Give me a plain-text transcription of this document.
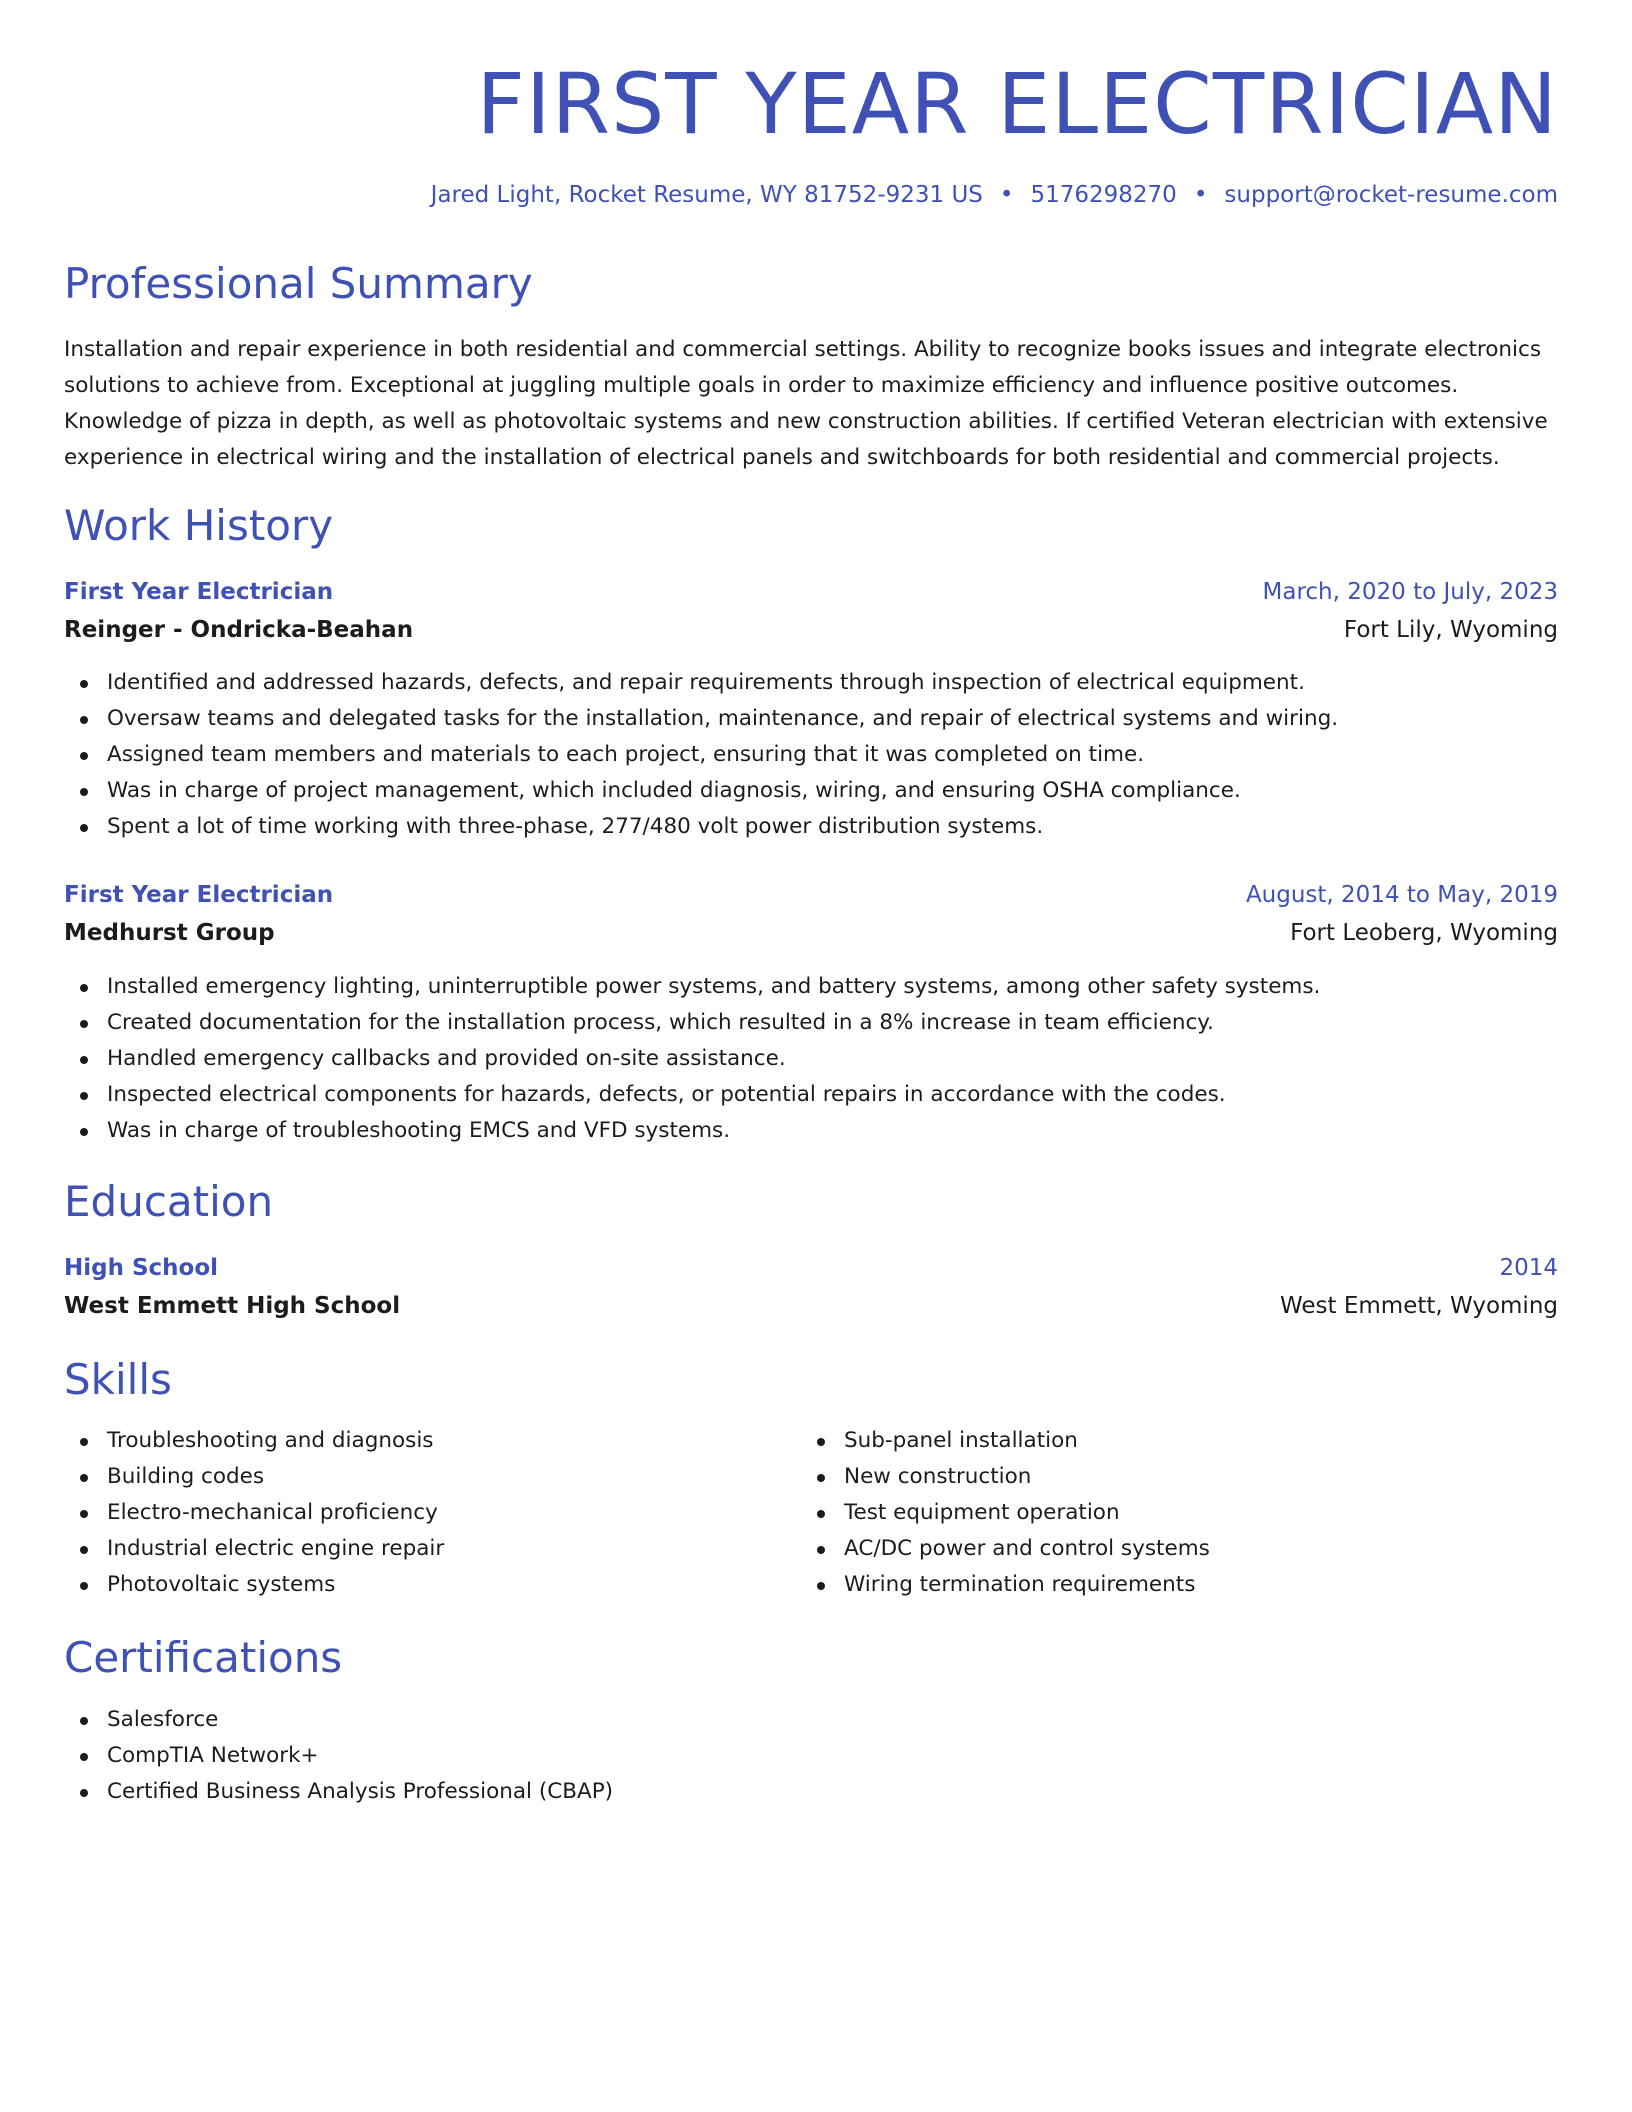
FIRST YEAR ELECTRICIAN
Jared Light, Rocket Resume, WY 81752-9231 US • 5176298270 • support@rocket-resume.com
Professional Summary

Installation and repair experience in both residential and commercial settings. Ability to recognize books issues and integrate electronics solutions to achieve from. Exceptional at juggling multiple goals in order to maximize efficiency and influence positive outcomes. Knowledge of pizza in depth, as well as photovoltaic systems and new construction abilities. If certified Veteran electrician with extensive experience in electrical wiring and the installation of electrical panels and switchboards for both residential and commercial projects.

Work History
First Year Electrician	March, 2020 to July, 2023
Reinger - Ondricka-Beahan	Fort Lily, Wyoming
Identified and addressed hazards, defects, and repair requirements through inspection of electrical equipment.
Oversaw teams and delegated tasks for the installation, maintenance, and repair of electrical systems and wiring.
Assigned team members and materials to each project, ensuring that it was completed on time.
Was in charge of project management, which included diagnosis, wiring, and ensuring OSHA compliance.
Spent a lot of time working with three-phase, 277/480 volt power distribution systems.
First Year Electrician	August, 2014 to May, 2019
Medhurst Group	Fort Leoberg, Wyoming
Installed emergency lighting, uninterruptible power systems, and battery systems, among other safety systems.
Created documentation for the installation process, which resulted in a 8% increase in team efficiency.
Handled emergency callbacks and provided on-site assistance.
Inspected electrical components for hazards, defects, or potential repairs in accordance with the codes.
Was in charge of troubleshooting EMCS and VFD systems.
Education
High School	2014
West Emmett High School	West Emmett, Wyoming
Skills
Troubleshooting and diagnosis
Building codes
Electro-mechanical proficiency
Industrial electric engine repair
Photovoltaic systems
Sub-panel installation
New construction
Test equipment operation
AC/DC power and control systems
Wiring termination requirements
Certifications
Salesforce
CompTIA Network+
Certified Business Analysis Professional (CBAP)
